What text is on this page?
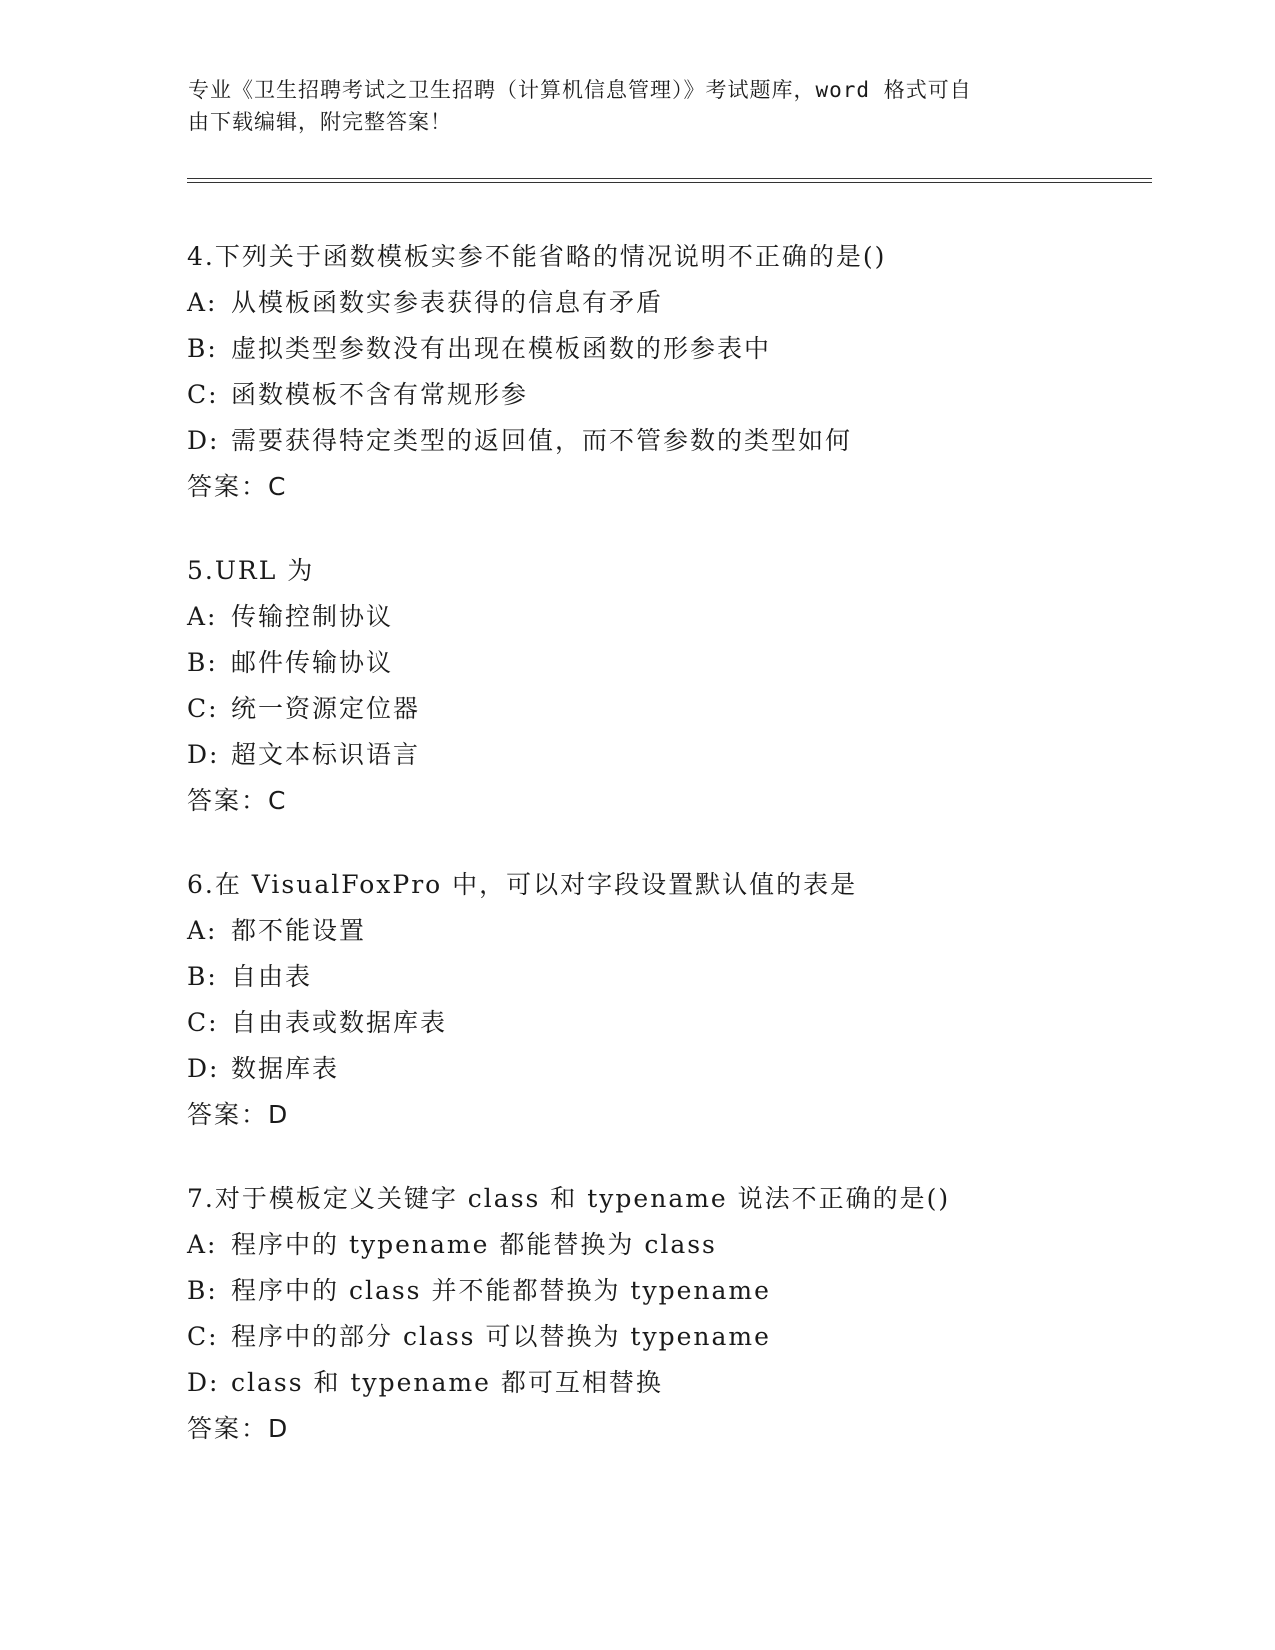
专业《卫生招聘考试之卫生招聘（计算机信息管理）》考试题库，word 格式可自
由下载编辑，附完整答案！
4.下列关于函数模板实参不能省略的情况说明不正确的是()
A: 从模板函数实参表获得的信息有矛盾
B: 虚拟类型参数没有出现在模板函数的形参表中
C: 函数模板不含有常规形参
D: 需要获得特定类型的返回值，而不管参数的类型如何
答案：C
5.URL 为
A: 传输控制协议
B: 邮件传输协议
C: 统一资源定位器
D: 超文本标识语言
答案：C
6.在 VisualFoxPro 中，可以对字段设置默认值的表是
A: 都不能设置
B: 自由表
C: 自由表或数据库表
D: 数据库表
答案：D
7.对于模板定义关键字 class 和 typename 说法不正确的是()
A: 程序中的 typename 都能替换为 class
B: 程序中的 class 并不能都替换为 typename
C: 程序中的部分 class 可以替换为 typename
D: class 和 typename 都可互相替换
答案：D
